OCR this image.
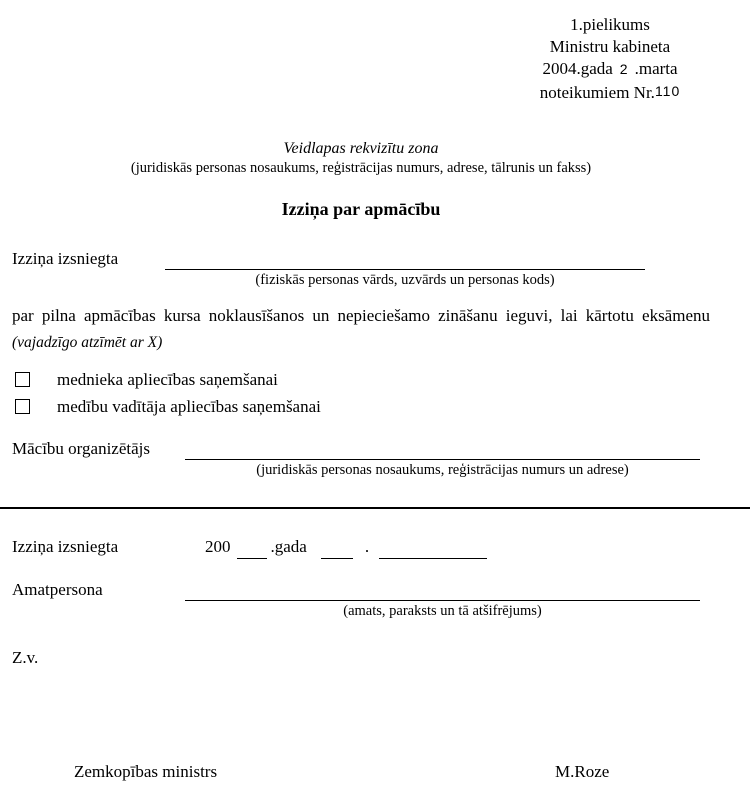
1.pielikums
Ministru kabineta
2004.gada 2 .marta
noteikumiem Nr.110
Veidlapas rekvizītu zona
(juridiskās personas nosaukums, reģistrācijas numurs, adrese, tālrunis un fakss)
Izziņa par apmācību
Izziņa izsniegta
(fiziskās personas vārds, uzvārds un personas kods)
par pilna apmācības kursa noklausīšanos un nepieciešamo zināšanu ieguvi, lai kārtotu eksāmenu (vajadzīgo atzīmēt ar X)
mednieka apliecības saņemšanai
medību vadītāja apliecības saņemšanai
Mācību organizētājs
(juridiskās personas nosaukums, reģistrācijas numurs un adrese)
Izziņa izsniegta	200 .gada	.
Amatpersona
(amats, paraksts un tā atšifrējums)
Z.v.
Zemkopības ministrs	M.Roze
